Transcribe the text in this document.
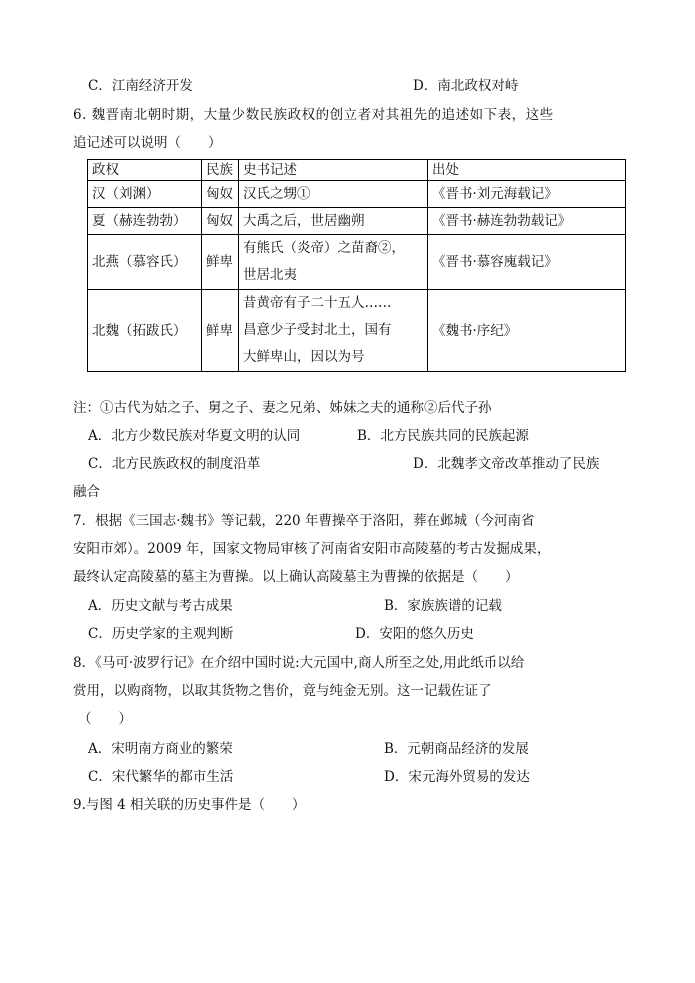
C．江南经济开发	D．南北政权对峙
6. 魏晋南北朝时期，大量少数民族政权的创立者对其祖先的追述如下表，这些
追记述可以说明（　　）
政权	民族	史书记述	出处
汉（刘渊）	匈奴	汉氏之甥①	《晋书·刘元海载记》
夏（赫连勃勃）	匈奴	大禹之后，世居幽朔	《晋书·赫连勃勃载记》
北燕（慕容氏）	鲜卑	有熊氏（炎帝）之苗裔②，
世居北夷	《晋书·慕容廆载记》
北魏（拓跋氏）	鲜卑	昔黄帝有子二十五人……
昌意少子受封北土，国有
大鲜卑山，因以为号	《魏书·序纪》
注：①古代为姑之子、舅之子、妻之兄弟、姊妹之夫的通称②后代子孙
A．北方少数民族对华夏文明的认同	B．北方民族共同的民族起源
C．北方民族政权的制度沿革	D．北魏孝文帝改革推动了民族
融合
7．根据《三国志·魏书》等记载，220 年曹操卒于洛阳，葬在邺城（今河南省
安阳市郊）。2009 年，国家文物局审核了河南省安阳市高陵墓的考古发掘成果，
最终认定高陵墓的墓主为曹操。以上确认高陵墓主为曹操的依据是（　　）
A．历史文献与考古成果	B．家族族谱的记载
C．历史学家的主观判断	D．安阳的悠久历史
8．《马可·波罗行记》在介绍中国时说:大元国中,商人所至之处,用此纸币以给
赏用，以购商物，以取其货物之售价，竟与纯金无别。这一记载佐证了
（　　）
A．宋明南方商业的繁荣	B．元朝商品经济的发展
C．宋代繁华的都市生活	D．宋元海外贸易的发达
9.与图 4 相关联的历史事件是（　　）
